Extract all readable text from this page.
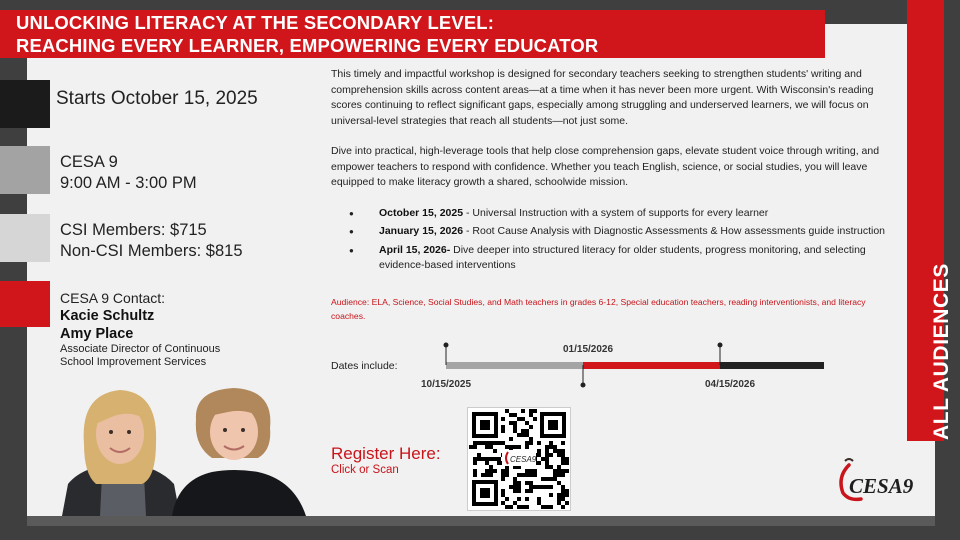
UNLOCKING LITERACY AT THE SECONDARY LEVEL:
REACHING EVERY LEARNER, EMPOWERING EVERY EDUCATOR
ALL AUDIENCES
Starts October 15, 2025
CESA 9
9:00 AM - 3:00 PM
CSI Members: $715
Non-CSI Members: $815
CESA 9 Contact:
Kacie Schultz
Amy Place
Associate Director of Continuous
School Improvement Services

This timely and impactful workshop is designed for secondary teachers seeking to strengthen students' writing and comprehension skills across content areas—at a time when it has never been more urgent. With Wisconsin's reading scores continuing to reflect significant gaps, especially among struggling and underserved learners, we will focus on universal-level strategies that reach all students—not just some.

Dive into practical, high-leverage tools that help close comprehension gaps, elevate student voice through writing, and empower teachers to respond with confidence. Whether you teach English, science, or social studies, you will leave equipped to make literacy growth a shared, schoolwide mission.

● October 15, 2025 - Universal Instruction with a system of supports for every learner
● January 15, 2026 - Root Cause Analysis with Diagnostic Assessments & How assessments guide instruction
● April 15, 2026- Dive deeper into structured literacy for older students, progress monitoring, and selecting evidence-based interventions
Audience: ELA, Science, Social Studies, and Math teachers in grades 6-12, Special education teachers, reading interventionists, and literacy coaches.
Dates include:
10/15/2025
01/15/2026
04/15/2026
Register Here:
Click or Scan
CESA9
CESA9
